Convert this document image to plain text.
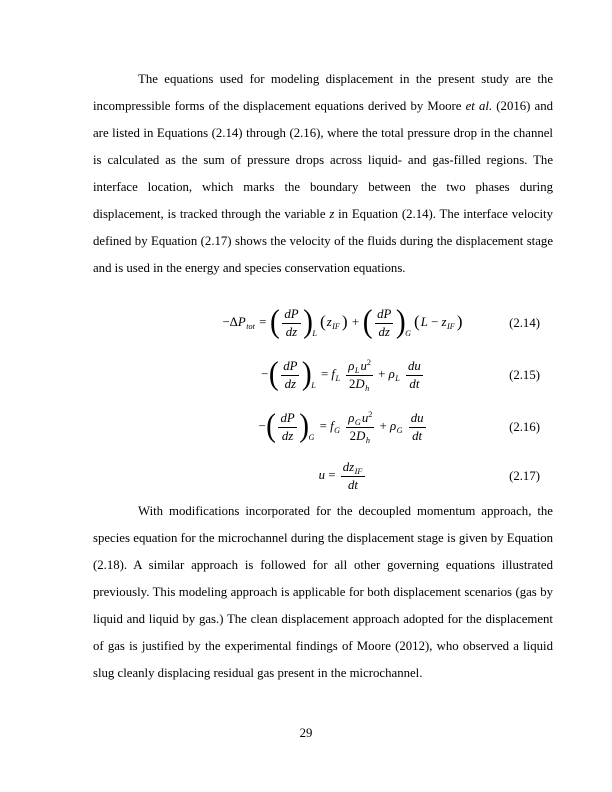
The equations used for modeling displacement in the present study are the incompressible forms of the displacement equations derived by Moore et al. (2016) and are listed in Equations (2.14) through (2.16), where the total pressure drop in the channel is calculated as the sum of pressure drops across liquid- and gas-filled regions. The interface location, which marks the boundary between the two phases during displacement, is tracked through the variable z in Equation (2.14). The interface velocity defined by Equation (2.17) shows the velocity of the fluids during the displacement stage and is used in the energy and species conservation equations.

−ΔPtot = ( $\frac{dP}{dz} )L(zIF$ ) + ( $\frac{dP}{dz} )G(L$ − zIF )	(2.14)
−( $\frac{dP}{dz} )L$ = fL $\frac{\text{ρLu2}}{2Dh} + \rho L \frac{du}{dt}$	(2.15)
−( $\frac{dP}{dz} )G$ = fG $\frac{\text{ρGu2}}{2Dh} + \rho G \frac{du}{dt}$	(2.16)
$u = \frac{\text{dzIF}}{dt}$	(2.17)

With modifications incorporated for the decoupled momentum approach, the species equation for the microchannel during the displacement stage is given by Equation (2.18). A similar approach is followed for all other governing equations illustrated previously. This modeling approach is applicable for both displacement scenarios (gas by liquid and liquid by gas.) The clean displacement approach adopted for the displacement of gas is justified by the experimental findings of Moore (2012), who observed a liquid slug cleanly displacing residual gas present in the microchannel.

29
